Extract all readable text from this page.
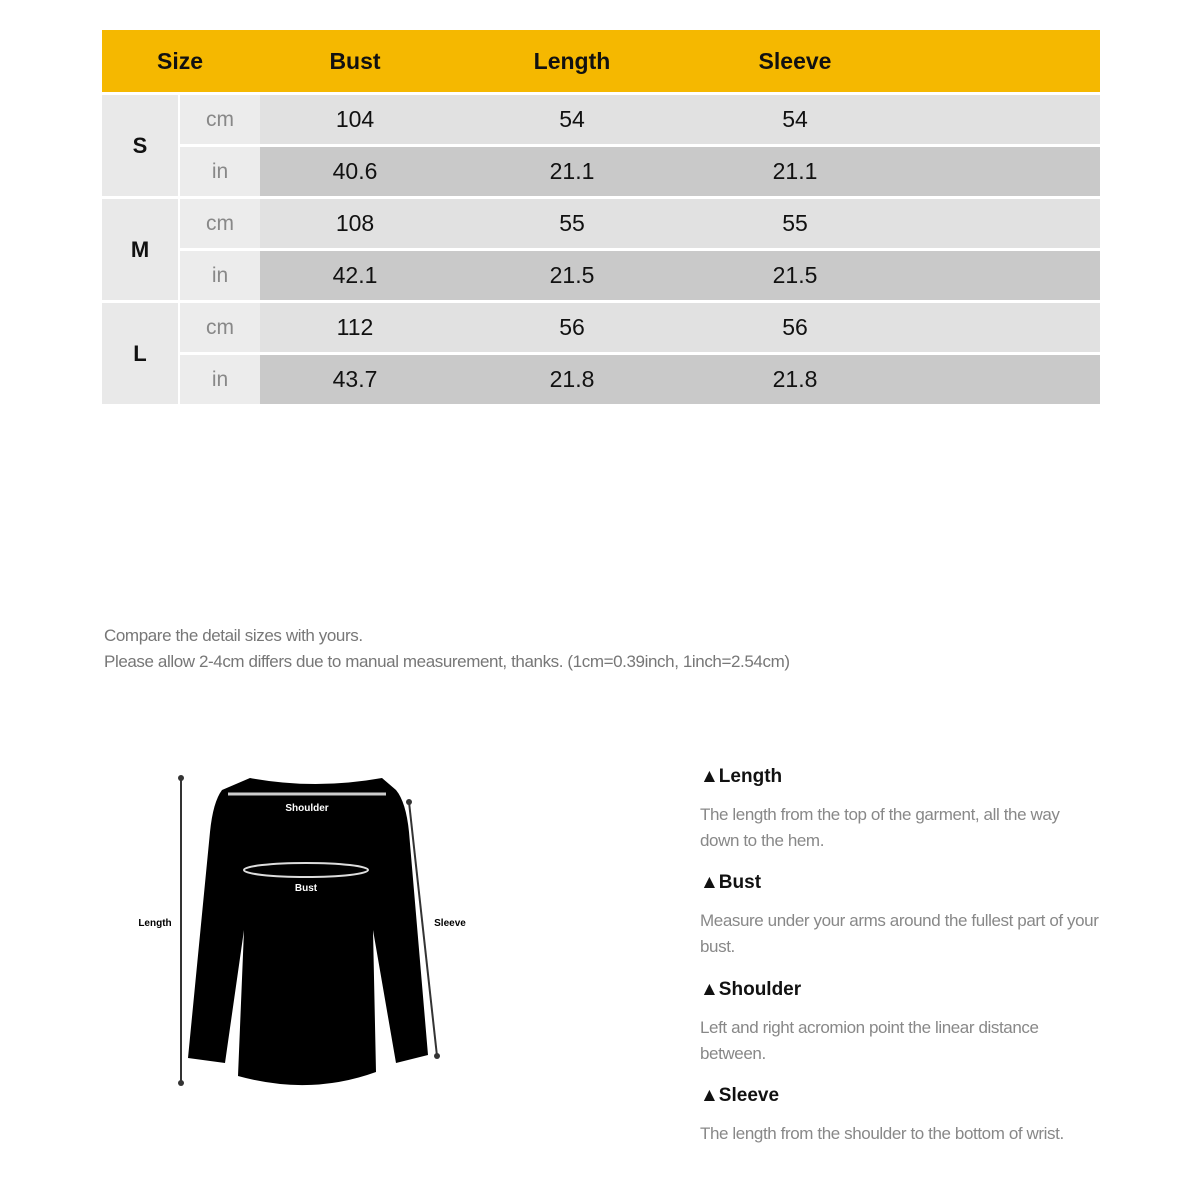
Size	Bust	Length	Sleeve
S
cm	104	54	54
in	40.6	21.1	21.1
M
cm	108	55	55
in	42.1	21.5	21.5
L
cm	112	56	56
in	43.7	21.8	21.8
Compare the detail sizes with yours.
Please allow 2-4cm differs due to manual measurement, thanks. (1cm=0.39inch, 1inch=2.54cm)
Shoulder
Bust
Length	Sleeve
▲Length

The length from the top of the garment, all the way down to the hem.

▲Bust

Measure under your arms around the fullest part of your bust.

▲Shoulder

Left and right acromion point the linear distance between.

▲Sleeve

The length from the shoulder to the bottom of wrist.
